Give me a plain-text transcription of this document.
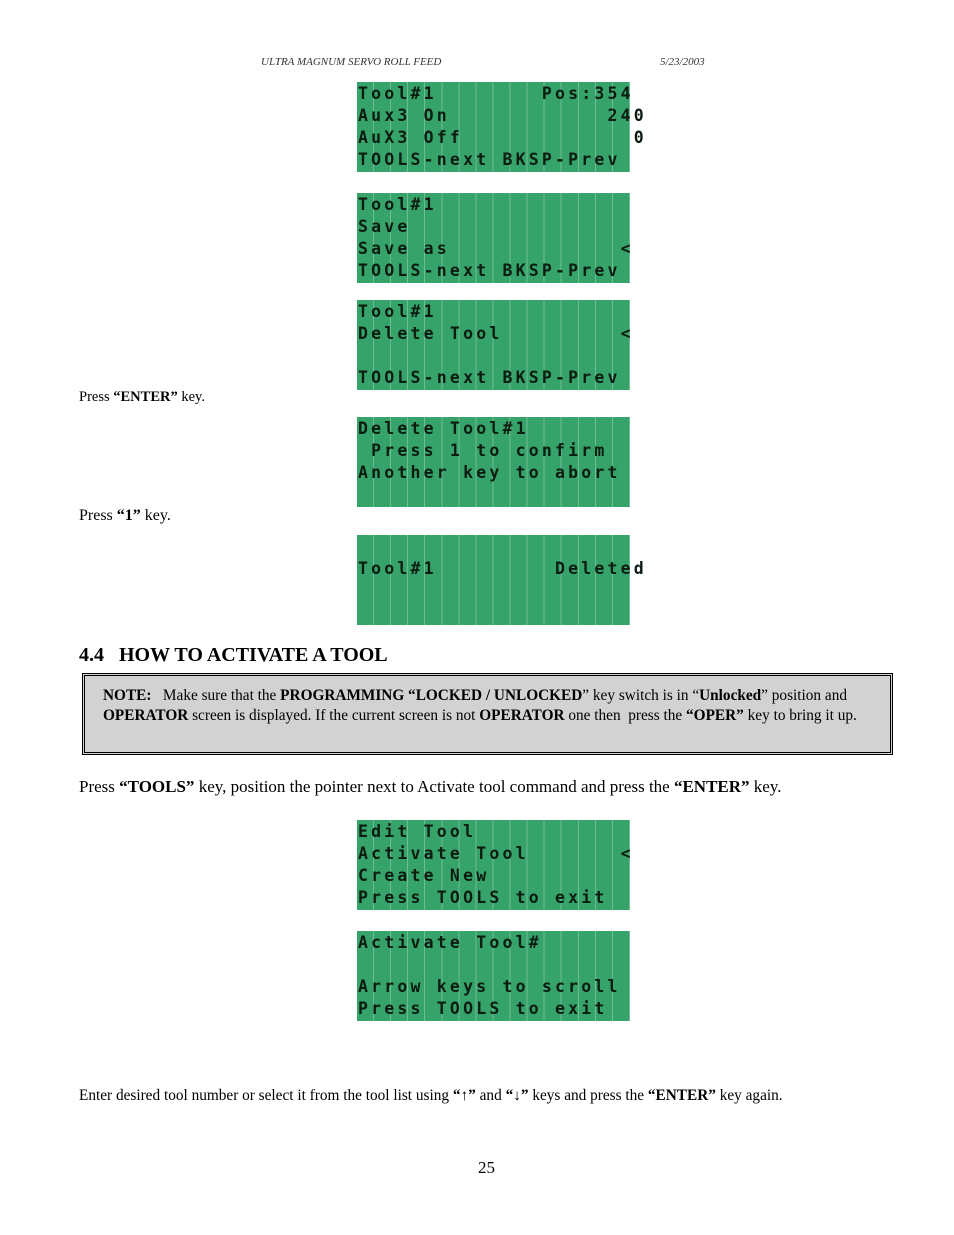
ULTRA MAGNUM SERVO ROLL FEED	5/23/2003
Tool#1        Pos:354
Aux3 On            240
AuX3 Off             0
TOOLS-next BKSP-Prev
Tool#1
Save
Save as             <
TOOLS-next BKSP-Prev
Tool#1
Delete Tool         <
TOOLS-next BKSP-Prev
Press “ENTER” key.
Delete Tool#1
Press 1 to confirm
Another key to abort
Press “1” key.
Tool#1         Deleted
4.4   HOW TO ACTIVATE A TOOL
NOTE:   Make sure that the PROGRAMMING “LOCKED / UNLOCKED” key switch is in “Unlocked” position and OPERATOR screen is displayed. If the current screen is not OPERATOR one then  press the “OPER” key to bring it up.
Press “TOOLS” key, position the pointer next to Activate tool command and press the “ENTER” key.
Edit Tool
Activate Tool       <
Create New
Press TOOLS to exit
Activate Tool#
Arrow keys to scroll
Press TOOLS to exit
Enter desired tool number or select it from the tool list using “↑” and “↓” keys and press the “ENTER” key again.
25
